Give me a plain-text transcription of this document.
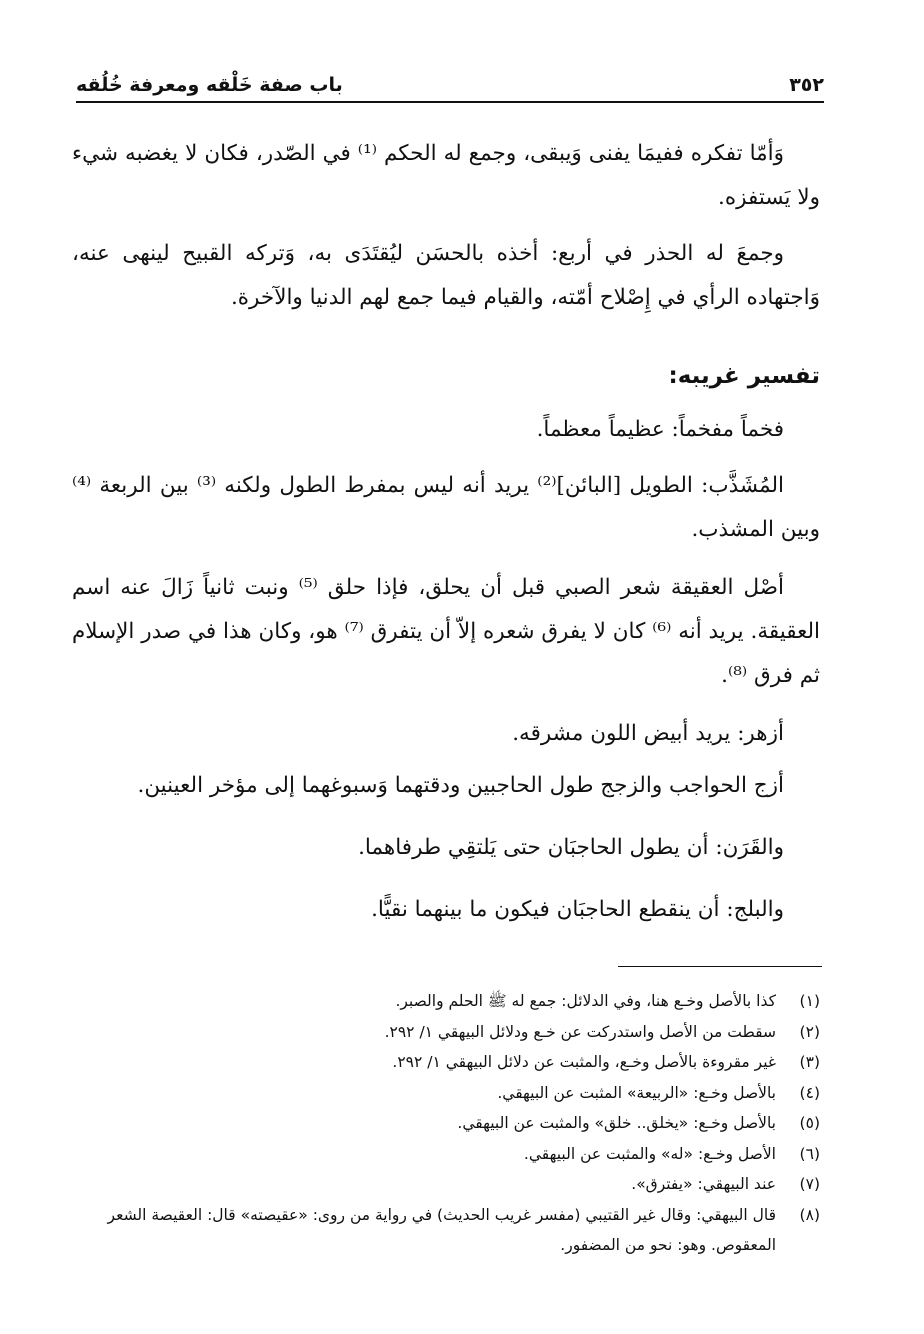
٣٥٢
باب صفة خَلْقه ومعرفة خُلُقه
وَأمّا تفكره ففيمَا يفنى وَيبقى، وجمع له الحكم ⁽¹⁾ في الصّدر، فكان لا يغضبه شيء ولا يَستفزه.
وجمعَ له الحذر في أربع: أخذه بالحسَن ليُقتَدَى به، وَتركه القبيح لينهى عنه، وَاجتهاده الرأي في إِصْلاح أمّته، والقيام فيما جمع لهم الدنيا والآخرة.
تفسير غريبه:
فخماً مفخماً: عظيماً معظماً.
المُشَذَّب: الطويل [البائن]⁽²⁾ يريد أنه ليس بمفرط الطول ولكنه ⁽³⁾ بين الربعة ⁽⁴⁾ وبين المشذب.
أصْل العقيقة شعر الصبي قبل أن يحلق، فإذا حلق ⁽⁵⁾ ونبت ثانياً زَالَ عنه اسم العقيقة. يريد أنه ⁽⁶⁾ كان لا يفرق شعره إلاّ أن يتفرق ⁽⁷⁾ هو، وكان هذا في صدر الإسلام ثم فرق ⁽⁸⁾.
أزهر: يريد أبيض اللون مشرقه.
أزج الحواجب والزجج طول الحاجبين ودقتهما وَسبوغهما إلى مؤخر العينين.
والقَرَن: أن يطول الحاجبَان حتى يَلتقِي طرفاهما.
والبلج: أن ينقطع الحاجبَان فيكون ما بينهما نقيًّا.
(١)
كذا بالأصل وخـع هنا، وفي الدلائل: جمع له ﷺ الحلم والصبر.
(٢)
سقطت من الأصل واستدركت عن خـع ودلائل البيهقي ١/ ٢٩٢.
(٣)
غير مقروءة بالأصل وخـع، والمثبت عن دلائل البيهقي ١/ ٢٩٢.
(٤)
بالأصل وخـع: «الربيعة» المثبت عن البيهقي.
(٥)
بالأصل وخـع: «يخلق.. خلق» والمثبت عن البيهقي.
(٦)
الأصل وخـع: «له» والمثبت عن البيهقي.
(٧)
عند البيهقي: «يفترق».
(٨)
قال البيهقي: وقال غير القتيبي (مفسر غريب الحديث) في رواية من روى: «عقيصته» قال: العقيصة الشعر المعقوص. وهو: نحو من المضفور.
